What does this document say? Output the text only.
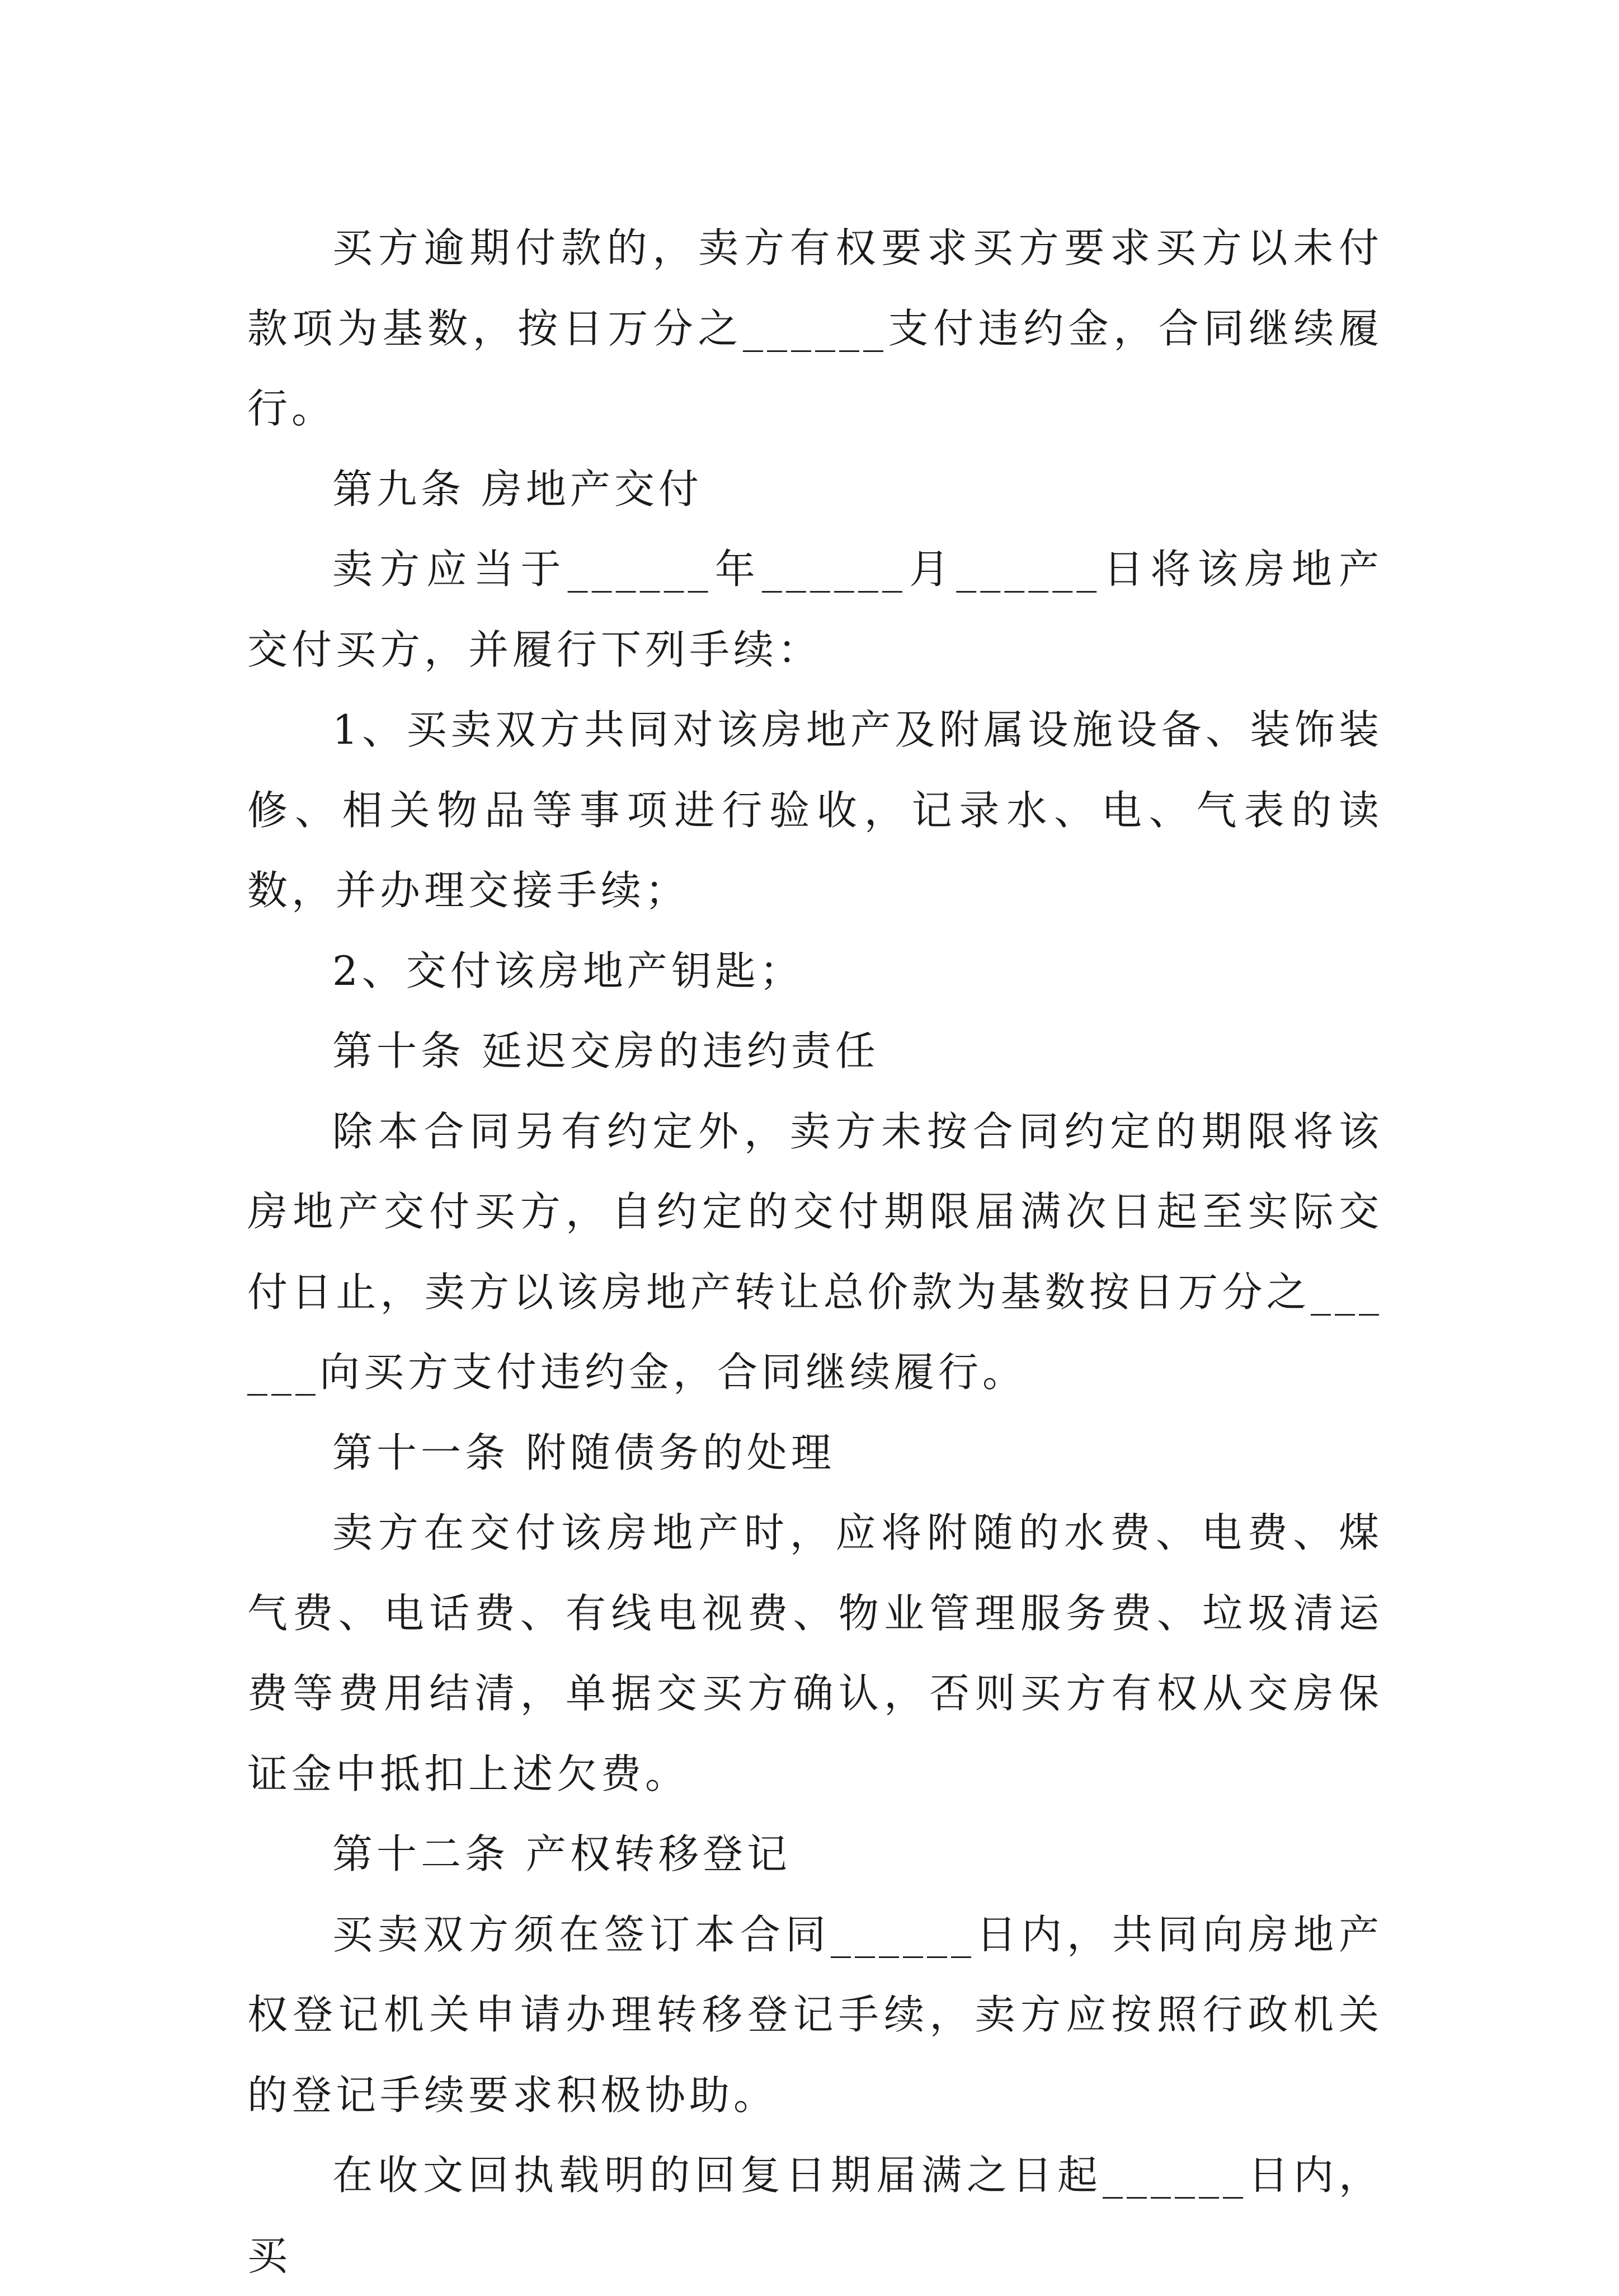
买方逾期付款的，卖方有权要求买方要求买方以未付款项为基数，按日万分之______支付违约金，合同继续履行。

第九条 房地产交付

卖方应当于______年______月______日将该房地产交付买方，并履行下列手续：

1、买卖双方共同对该房地产及附属设施设备、装饰装修、相关物品等事项进行验收，记录水、电、气表的读数，并办理交接手续；

2、交付该房地产钥匙；

第十条 延迟交房的违约责任

除本合同另有约定外，卖方未按合同约定的期限将该房地产交付买方，自约定的交付期限届满次日起至实际交付日止，卖方以该房地产转让总价款为基数按日万分之______向买方支付违约金，合同继续履行。

第十一条 附随债务的处理

卖方在交付该房地产时，应将附随的水费、电费、煤气费、电话费、有线电视费、物业管理服务费、垃圾清运费等费用结清，单据交买方确认，否则买方有权从交房保证金中抵扣上述欠费。

第十二条 产权转移登记

买卖双方须在签订本合同______日内，共同向房地产权登记机关申请办理转移登记手续，卖方应按照行政机关的登记手续要求积极协助。

在收文回执载明的回复日期届满之日起______日内，买
